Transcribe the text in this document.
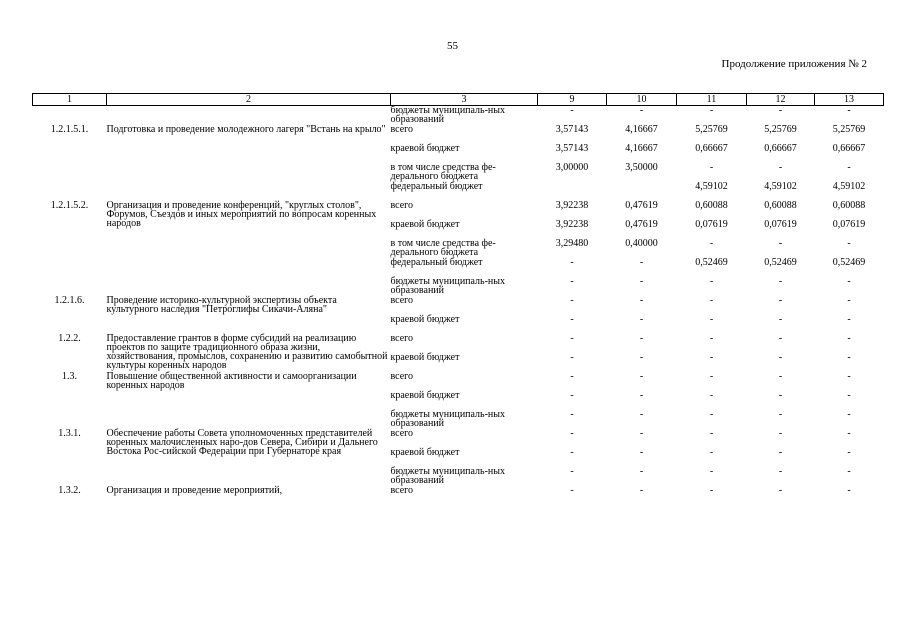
55
Продолжение приложения № 2
1	2	3	9	10	11	12	13
		бюджеты муниципаль-ных образований	-	-	-	-	-
1.2.1.5.1.	Подготовка и проведение молодежного лагеря "Встань на крыло"	всего	3,57143	4,16667	5,25769	5,25769	5,25769
		краевой бюджет	3,57143	4,16667	0,66667	0,66667	0,66667
		в том числе средства фе-дерального бюджета	3,00000	3,50000	-	-	-
		федеральный бюджет			4,59102	4,59102	4,59102
1.2.1.5.2.	Организация и проведение конференций, "круглых столов", Форумов, Съездов и иных мероприятий по вопросам коренных народов	всего	3,92238	0,47619	0,60088	0,60088	0,60088
		краевой бюджет	3,92238	0,47619	0,07619	0,07619	0,07619
		в том числе средства фе-дерального бюджета	3,29480	0,40000	-	-	-
		федеральный бюджет	-	-	0,52469	0,52469	0,52469
		бюджеты муниципаль-ных образований	-	-	-	-	-
1.2.1.6.	Проведение историко-культурной экспертизы объекта культурного наследия "Петроглифы Сикачи-Аляна"	всего	-	-	-	-	-
		краевой бюджет	-	-	-	-	-
1.2.2.	Предоставление грантов в форме субсидий на реализацию проектов по защите традиционного образа жизни, хозяйствования, промыслов, сохранению и развитию самобытной культуры коренных народов	всего	-	-	-	-	-
		краевой бюджет	-	-	-	-	-
1.3.	Повышение общественной активности и самоорганизации коренных народов	всего	-	-	-	-	-
		краевой бюджет	-	-	-	-	-
		бюджеты муниципаль-ных образований	-	-	-	-	-
1.3.1.	Обеспечение работы Совета уполномоченных представителей коренных малочисленных наро-дов Севера, Сибири и Дальнего Востока Рос-сийской Федерации при Губернаторе края	всего	-	-	-	-	-
		краевой бюджет	-	-	-	-	-
		бюджеты муниципаль-ных образований	-	-	-	-	-
1.3.2.	Организация и проведение мероприятий,	всего	-	-	-	-	-
